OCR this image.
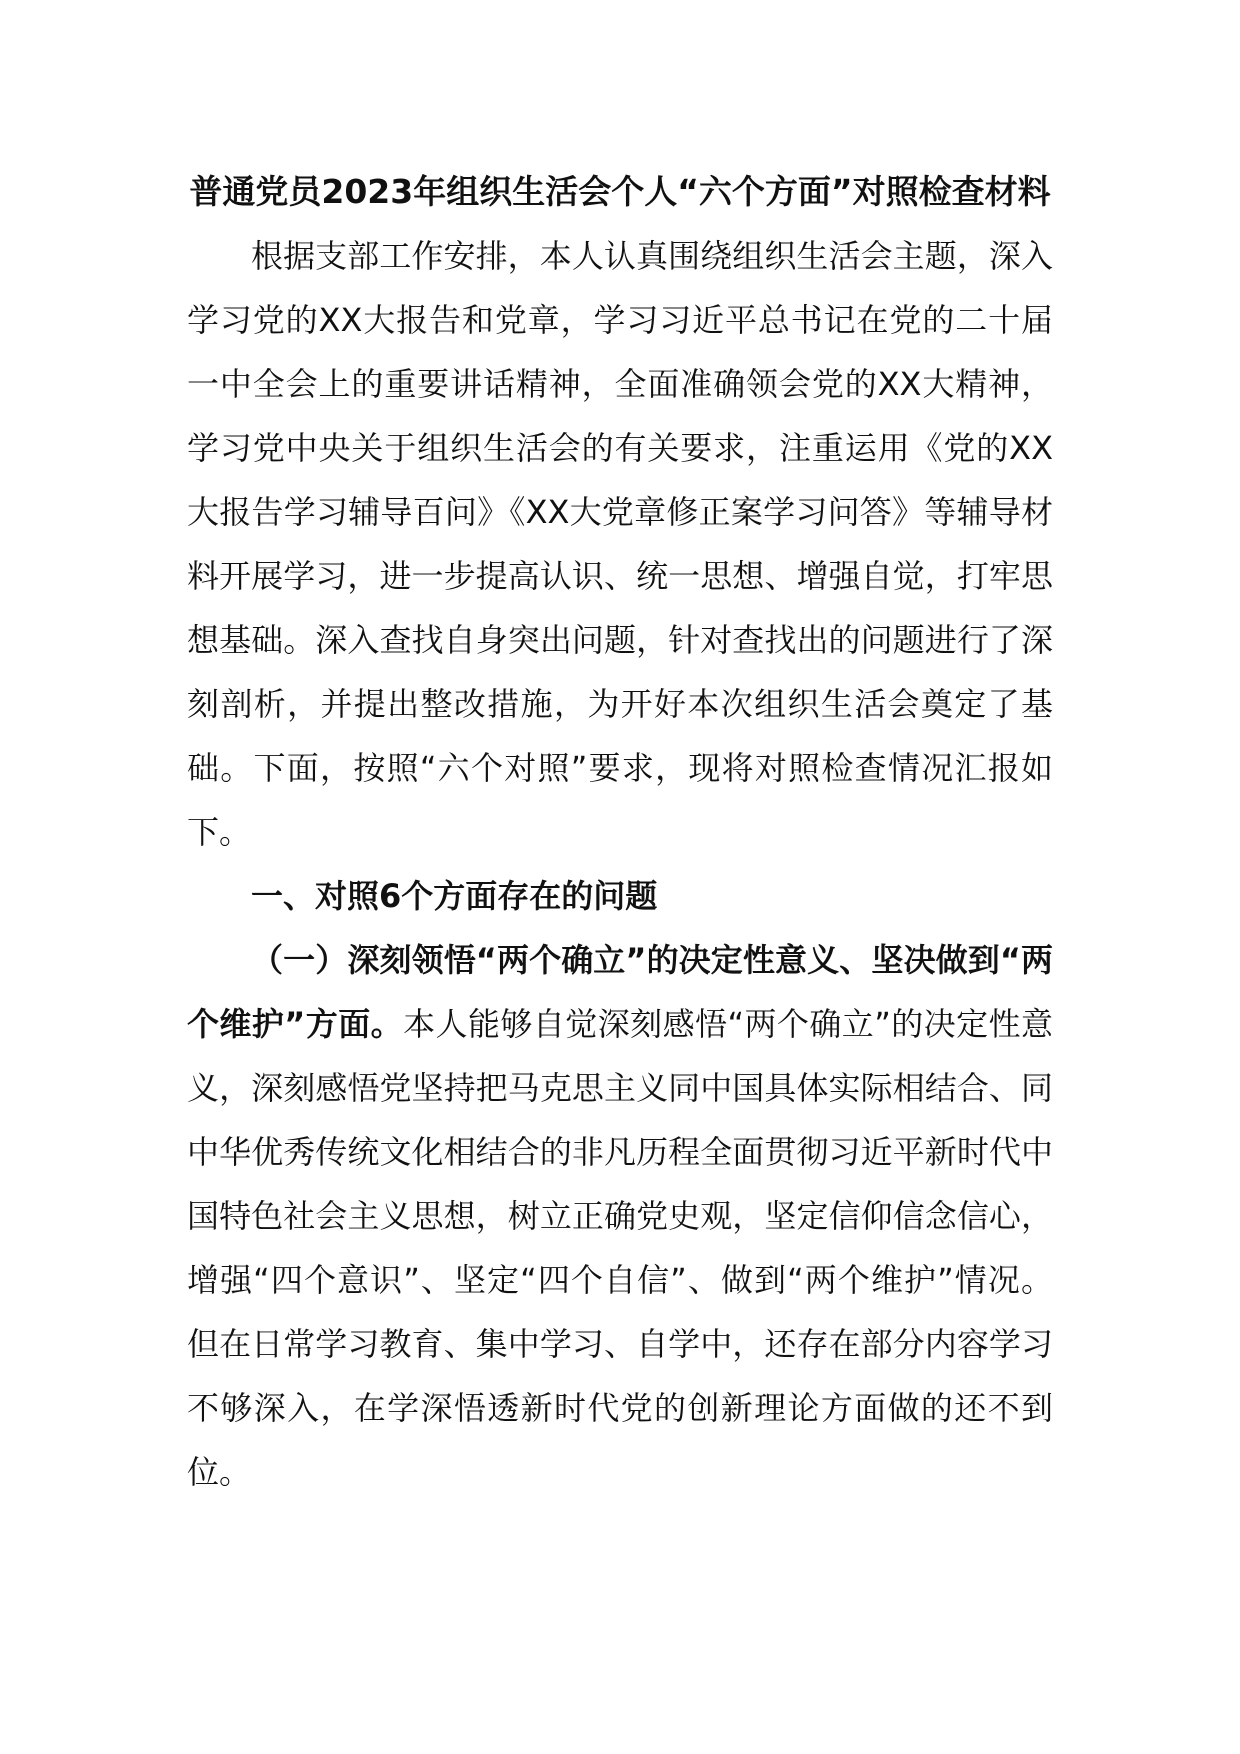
普通党员2023年组织生活会个人“六个方面”对照检查材料

根据支部工作安排，本人认真围绕组织生活会主题，深入学习党的XX大报告和党章，学习习近平总书记在党的二十届一中全会上的重要讲话精神，全面准确领会党的XX大精神，学习党中央关于组织生活会的有关要求，注重运用《党的XX大报告学习辅导百问》《XX大党章修正案学习问答》等辅导材料开展学习，进一步提高认识、统一思想、增强自觉，打牢思想基础。深入查找自身突出问题，针对查找出的问题进行了深刻剖析，并提出整改措施，为开好本次组织生活会奠定了基础。下面，按照“六个对照”要求，现将对照检查情况汇报如下。

一、对照6个方面存在的问题

（一）深刻领悟“两个确立”的决定性意义、坚决做到“两个维护”方面。本人能够自觉深刻感悟“两个确立”的决定性意义，深刻感悟党坚持把马克思主义同中国具体实际相结合、同中华优秀传统文化相结合的非凡历程全面贯彻习近平新时代中国特色社会主义思想，树立正确党史观，坚定信仰信念信心，增强“四个意识”、坚定“四个自信”、做到“两个维护”情况。但在日常学习教育、集中学习、自学中，还存在部分内容学习不够深入，在学深悟透新时代党的创新理论方面做的还不到位。
